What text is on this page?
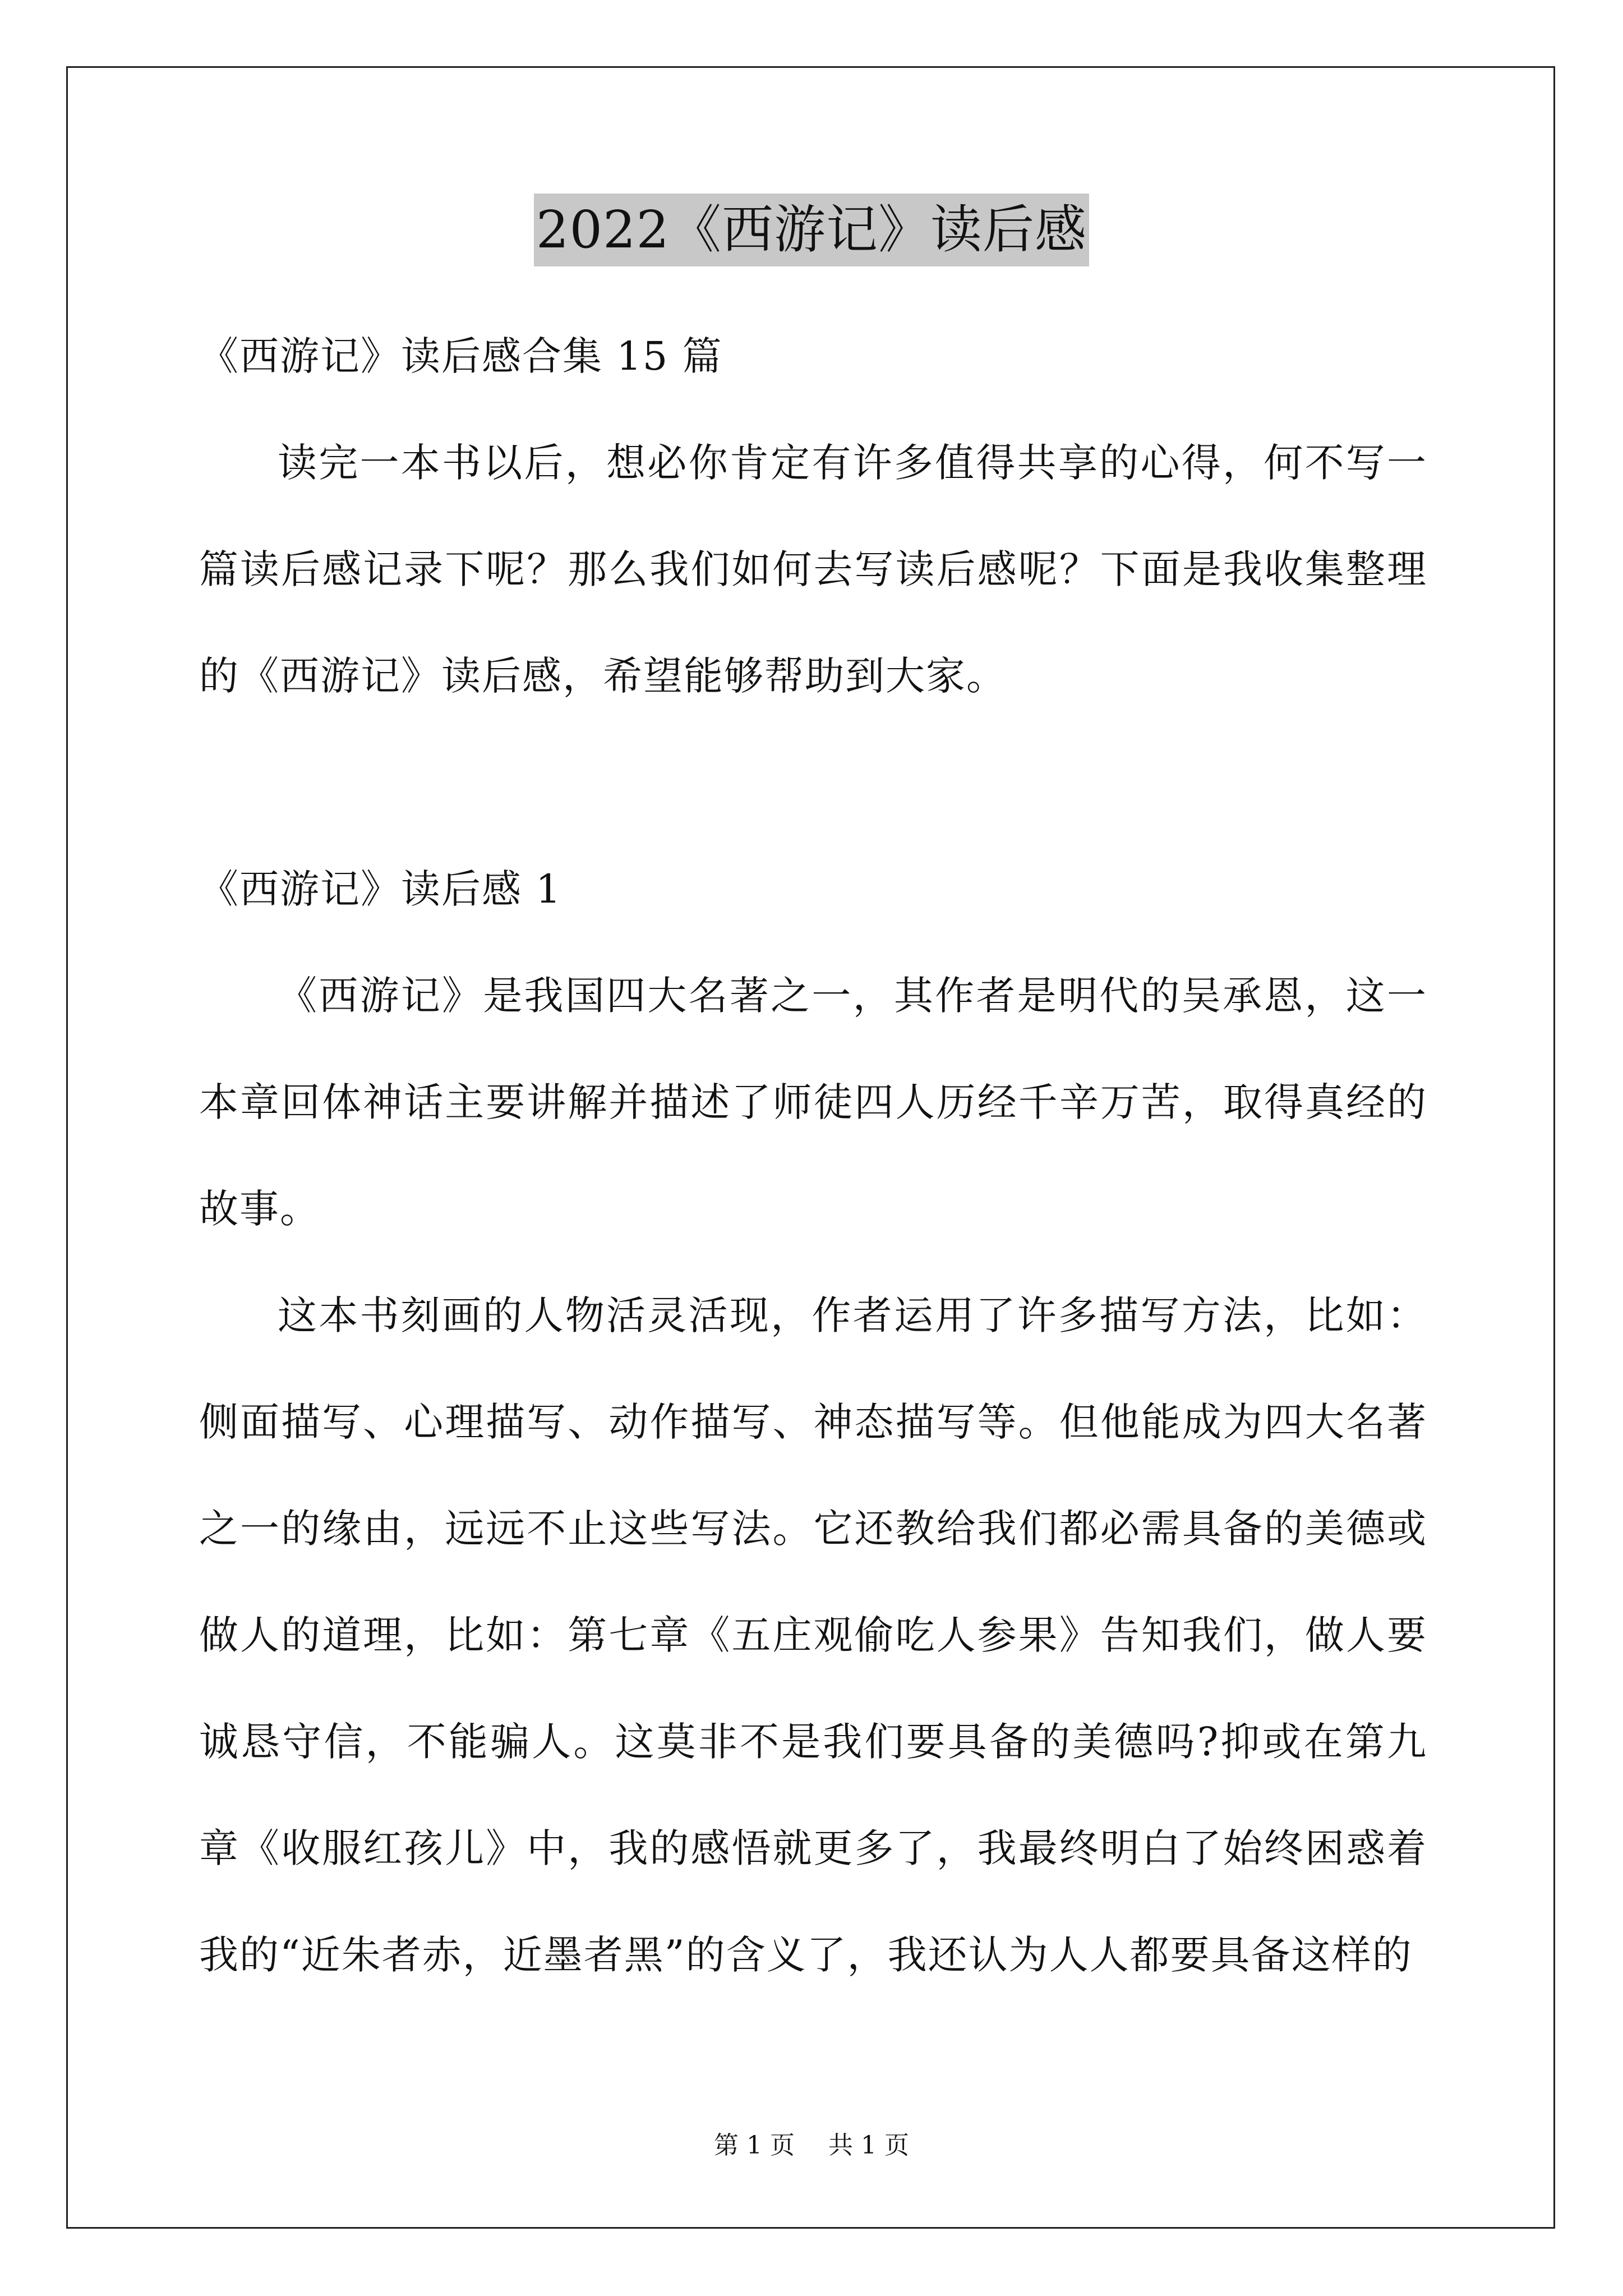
2022《西游记》读后感

《西游记》读后感合集 15 篇

读完一本书以后，想必你肯定有许多值得共享的心得，何不写一篇读后感记录下呢？那么我们如何去写读后感呢？下面是我收集整理的《西游记》读后感，希望能够帮助到大家。

《西游记》读后感 1

《西游记》是我国四大名著之一，其作者是明代的吴承恩，这一本章回体神话主要讲解并描述了师徒四人历经千辛万苦，取得真经的故事。

这本书刻画的人物活灵活现，作者运用了许多描写方法，比如：侧面描写、心理描写、动作描写、神态描写等。但他能成为四大名著之一的缘由，远远不止这些写法。它还教给我们都必需具备的美德或做人的道理，比如：第七章《五庄观偷吃人参果》告知我们，做人要诚恳守信，不能骗人。这莫非不是我们要具备的美德吗?抑或在第九章《收服红孩儿》中，我的感悟就更多了，我最终明白了始终困惑着我的“近朱者赤，近墨者黑”的含义了，我还认为人人都要具备这样的

第 1 页 共 1 页
